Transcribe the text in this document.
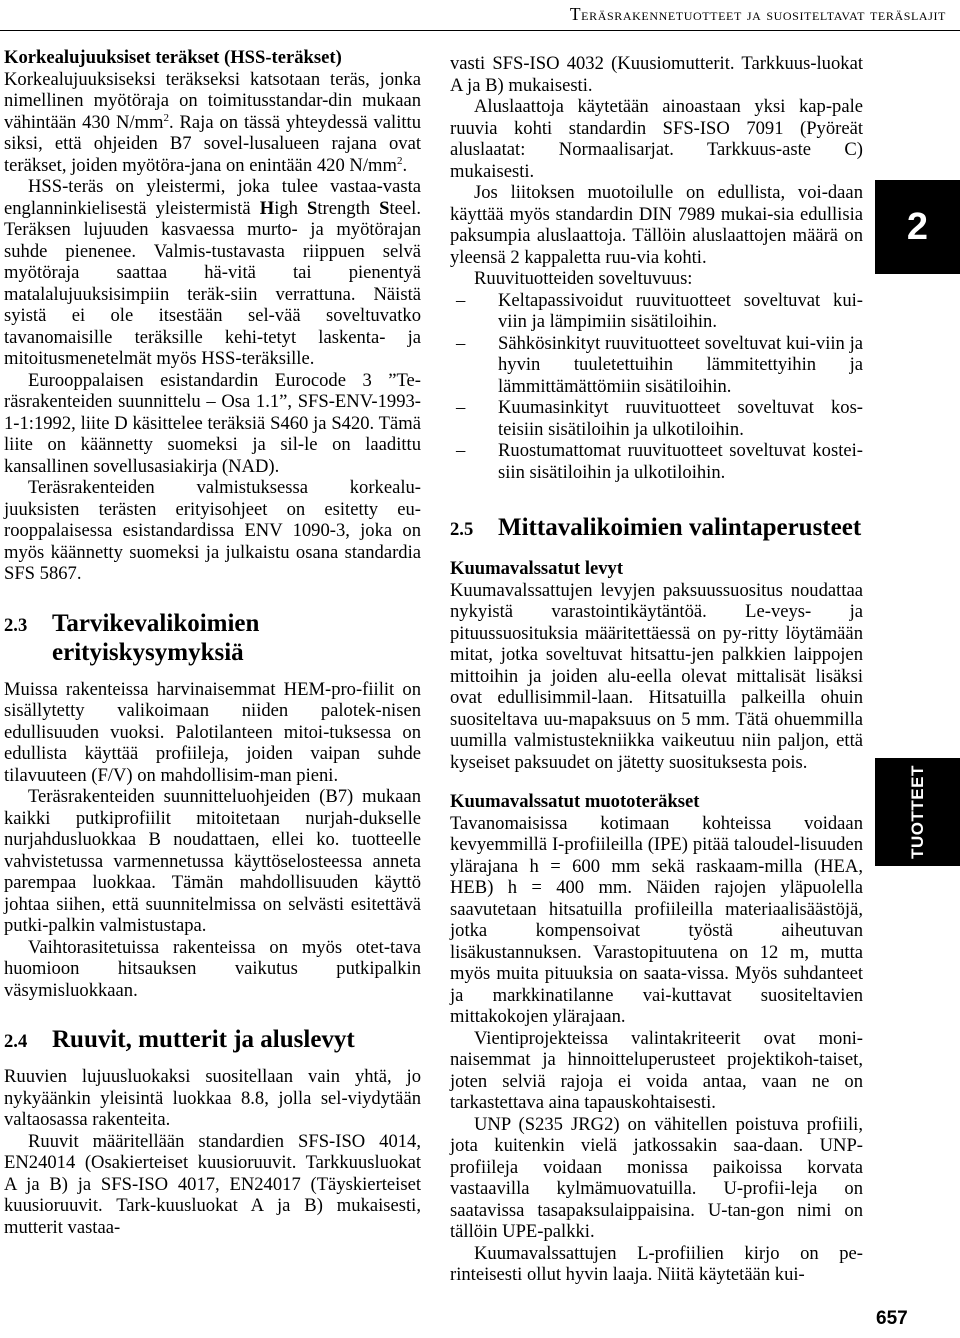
Teräsrakennetuotteet ja suositeltavat teräslajit

Korkealujuuksiset teräkset (HSS-teräkset)

Korkealujuuksiseksi teräkseksi katsotaan teräs, jonka nimellinen myötöraja on toimitusstandar-din mukaan vähintään 430 $N/mm^2$. Raja on tässä yhteydessä valittu siksi, että ohjeiden B7 sovel-lusalueen rajana ovat teräkset, joiden myötöra-jana on enintään 420 $N/mm^2$.

HSS-teräs on yleistermi, joka tulee vastaa-vasta englanninkielisestä yleistermistä High Strength Steel. Teräksen lujuuden kasvaessa murto- ja myötörajan suhde pienenee. Valmis-tustavasta riippuen selvä myötöraja saattaa hä-vitä tai pienentyä matalalujuuksisimpiin teräk-siin verrattuna. Näistä syistä ei ole itsestään sel-vää soveltuvatko tavanomaisille teräksille kehi-tetyt laskenta- ja mitoitusmenetelmät myös HSS-teräksille.

Eurooppalaisen esistandardin Eurocode 3 ”Te-räsrakenteiden suunnittelu – Osa 1.1”, SFS-ENV-1993-1-1:1992, liite D käsittelee teräksiä S460 ja S420. Tämä liite on käännetty suomeksi ja sil-le on laadittu kansallinen sovellusasiakirja (NAD).

Teräsrakenteiden valmistuksessa korkealu-juuksisten terästen erityisohjeet on esitetty eu-rooppalaisessa esistandardissa ENV 1090-3, joka on myös käännetty suomeksi ja julkaistu osana standardia SFS 5867.

2.3 Tarvikevalikoimien erityiskysymyksiä

Muissa rakenteissa harvinaisemmat HEM-pro-fiilit on sisällytetty valikoimaan niiden palotek-nisen edullisuuden vuoksi. Palotilanteen mitoi-tuksessa on edullista käyttää profiileja, joiden vaipan suhde tilavuuteen (F/V) on mahdollisim-man pieni.

Teräsrakenteiden suunnitteluohjeiden (B7) mukaan kaikki putkiprofiilit mitoitetaan nurjah-dukselle nurjahdusluokkaa B noudattaen, ellei ko. tuotteelle vahvistetussa varmennetussa käyttöselosteessa anneta parempaa luokkaa. Tämän mahdollisuuden käyttö johtaa siihen, että suunnitelmissa on selvästi esitettävä putki-palkin valmistustapa.

Vaihtorasitetuissa rakenteissa on myös otet-tava huomioon hitsauksen vaikutus putkipalkin väsymisluokkaan.

2.4 Ruuvit, mutterit ja aluslevyt

Ruuvien lujuusluokaksi suositellaan vain yhtä, jo nykyäänkin yleisintä luokkaa 8.8, jolla sel-viydytään valtaosassa rakenteita.

Ruuvit määritellään standardien SFS-ISO 4014, EN24014 (Osakierteiset kuusioruuvit. Tarkkuusluokat A ja B) ja SFS-ISO 4017, EN24017 (Täyskierteiset kuusioruuvit. Tark-kuusluokat A ja B) mukaisesti, mutterit vastaa-

vasti SFS-ISO 4032 (Kuusiomutterit. Tarkkuus-luokat A ja B) mukaisesti.

Aluslaattoja käytetään ainoastaan yksi kap-pale ruuvia kohti standardin SFS-ISO 7091 (Pyöreät aluslaatat: Normaalisarjat. Tarkkuus-aste C) mukaisesti.

Jos liitoksen muotoilulle on edullista, voi-daan käyttää myös standardin DIN 7989 mukai-sia edullisia paksumpia aluslaattoja. Tällöin aluslaattojen määrä on yleensä 2 kappaletta ruu-via kohti.

Ruuvituotteiden soveltuvuus:

– Keltapassivoidut ruuvituotteet soveltuvat kui-viin ja lämpimiin sisätiloihin.
– Sähkösinkityt ruuvituotteet soveltuvat kui-viin ja hyvin tuuletettuihin lämmitettyihin ja lämmittämättömiin sisätiloihin.
– Kuumasinkityt ruuvituotteet soveltuvat kos-teisiin sisätiloihin ja ulkotiloihin.
– Ruostumattomat ruuvituotteet soveltuvat kostei-siin sisätiloihin ja ulkotiloihin.
2.5 Mittavalikoimien valintaperusteet

Kuumavalssatut levyt

Kuumavalssattujen levyjen paksuussuositus noudattaa nykyistä varastointikäytäntöä. Le-veys- ja pituussuosituksia määritettäessä on py-ritty löytämään mitat, jotka soveltuvat hitsattu-jen palkkien laippojen mittoihin ja joiden alu-eella olevat mittalisät lisäksi ovat edullisimmil-laan. Hitsatuilla palkeilla ohuin suositeltava uu-mapaksuus on 5 mm. Tätä ohuemmilla uumilla valmistustekniikka vaikeutuu niin paljon, että kyseiset paksuudet on jätetty suosituksesta pois.

Kuumavalssatut muototeräkset

Tavanomaisissa kotimaan kohteissa voidaan kevyemmillä I-profiileilla (IPE) pitää taloudel-lisuuden ylärajana h = 600 mm sekä raskaam-milla (HEA, HEB) h = 400 mm. Näiden rajojen yläpuolella saavutetaan hitsatuilla profiileilla materiaalisäästöjä, jotka kompensoivat työstä aiheutuvan lisäkustannuksen. Varastopituutena on 12 m, mutta myös muita pituuksia on saata-vissa. Myös suhdanteet ja markkinatilanne vai-kuttavat suositeltavien mittakokojen ylärajaan.

Vientiprojekteissa valintakriteerit ovat moni-naisemmat ja hinnoitteluperusteet projektikoh-taiset, joten selviä rajoja ei voida antaa, vaan ne on tarkastettava aina tapauskohtaisesti.

UNP (S235 JRG2) on vähitellen poistuva profiili, jota kuitenkin vielä jatkossakin saa-daan. UNP-profiileja voidaan monissa paikoissa korvata vastaavilla kylmämuovatuilla. U-profii-leja on saatavissa tasapaksulaippaisina. U-tan-gon nimi on tällöin UPE-palkki.

Kuumavalssattujen L-profiilien kirjo on pe-rinteisesti ollut hyvin laaja. Niitä käytetään kui-

2
TUOTTEET
657
